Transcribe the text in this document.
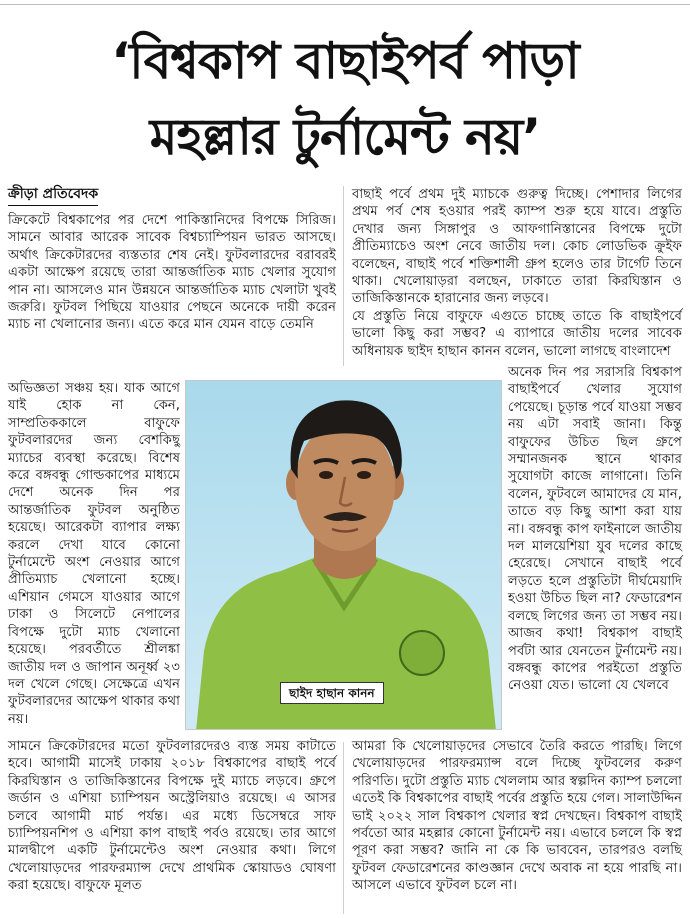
‘বিশ্বকাপ বাছাইপর্ব পাড়া
মহল্লার টুর্নামেন্ট নয়’
ক্রীড়া প্রতিবেদক

ক্রিকেটে বিশ্বকাপের পর দেশে পাকিস্তানিদের বিপক্ষে সিরিজ। সামনে আবার আরেক সাবেক বিশ্বচ্যাম্পিয়ন ভারত আসছে। অর্থাৎ ক্রিকেটারদের ব্যস্ততার শেষ নেই। ফুটবলারদের বরাবরই একটা আক্ষেপ রয়েছে তারা আন্তর্জাতিক ম্যাচ খেলার সুযোগ পান না। আসলেও মান উন্নয়নে আন্তর্জাতিক ম্যাচ খেলাটা খুবই জরুরি। ফুটবল পিছিয়ে যাওয়ার পেছনে অনেকে দায়ী করেন ম্যাচ না খেলানোর জন্য। এতে করে মান যেমন বাড়ে তেমনি

বাছাই পর্বে প্রথম দুই ম্যাচকে গুরুত্ব দিচ্ছে। পেশাদার লিগের প্রথম পর্ব শেষ হওয়ার পরই ক্যাম্প শুরু হয়ে যাবে। প্রস্তুতি দেখার জন্য সিঙ্গাপুর ও আফগানিস্তানের বিপক্ষে দুটো প্রীতিম্যাচেও অংশ নেবে জাতীয় দল। কোচ লোডভিক ক্রুইফ বলেছেন, বাছাই পর্বে শক্তিশালী গ্রুপ হলেও তার টার্গেট তিনে থাকা। খেলোয়াড়রা বলছেন, ঢাকাতে তারা কিরঘিস্তান ও তাজিকিস্তানকে হারানোর জন্য লড়বে।

যে প্রস্তুতি নিয়ে বাফুফে এগুতে চাচ্ছে তাতে কি বাছাইপর্বে ভালো কিছু করা সম্ভব? এ ব্যাপারে জাতীয় দলের সাবেক অধিনায়ক ছাইদ হাছান কানন বলেন, ভালো লাগছে বাংলাদেশ

অভিজ্ঞতা সঞ্চয় হয়। যাক আগে যাই হোক না কেন, সাম্প্রতিককালে বাফুফে ফুটবলারদের জন্য বেশকিছু ম্যাচের ব্যবস্থা করেছে। বিশেষ করে বঙ্গবন্ধু গোল্ডকাপের মাধ্যমে দেশে অনেক দিন পর আন্তর্জাতিক ফুটবল অনুষ্ঠিত হয়েছে। আরেকটা ব্যাপার লক্ষ্য করলে দেখা যাবে কোনো টুর্নামেন্টে অংশ নেওয়ার আগে প্রীতিম্যাচ খেলানো হচ্ছে। এশিয়ান গেমসে যাওয়ার আগে ঢাকা ও সিলেটে নেপালের বিপক্ষে দুটো ম্যাচ খেলানো হয়েছে। পরবর্তীতে শ্রীলঙ্কা জাতীয় দল ও জাপান অনূর্ধ্ব ২৩ দল খেলে গেছে। সেক্ষেত্রে এখন ফুটবলারদের আক্ষেপ থাকার কথা নয়।

ছাইদ হাছান কানন

অনেক দিন পর সরাসরি বিশ্বকাপ বাছাইপর্বে খেলার সুযোগ পেয়েছে। চূড়ান্ত পর্বে যাওয়া সম্ভব নয় এটা সবাই জানা। কিন্তু বাফুফের উচিত ছিল গ্রুপে সম্মানজনক স্থানে থাকার সুযোগটা কাজে লাগানো। তিনি বলেন, ফুটবলে আমাদের যে মান, তাতে বড় কিছু আশা করা যায় না। বঙ্গবন্ধু কাপ ফাইনালে জাতীয় দল মালয়েশিয়া যুব দলের কাছে হেরেছে। সেখানে বাছাই পর্বে লড়তে হলে প্রস্তুতিটা দীর্ঘমেয়াদি হওয়া উচিত ছিল না? ফেডারেশন বলছে লিগের জন্য তা সম্ভব নয়। আজব কথা! বিশ্বকাপ বাছাই পর্বটা আর যেনতেন টুর্নামেন্ট নয়। বঙ্গবন্ধু কাপের পরইতো প্রস্তুতি নেওয়া যেত। ভালো যে খেলবে

সামনে ক্রিকেটারদের মতো ফুটবলারদেরও ব্যস্ত সময় কাটাতে হবে। আগামী মাসেই ঢাকায় ২০১৮ বিশ্বকাপের বাছাই পর্বে কিরঘিস্তান ও তাজিকিস্তানের বিপক্ষে দুই ম্যাচে লড়বে। গ্রুপে জর্ডান ও এশিয়া চ্যাম্পিয়ন অস্ট্রেলিয়াও রয়েছে। এ আসর চলবে আগামী মার্চ পর্যন্ত। এর মধ্যে ডিসেম্বরে সাফ চ্যাম্পিয়নশিপ ও এশিয়া কাপ বাছাই পর্বও রয়েছে। তার আগে মালদ্বীপে একটি টুর্নামেন্টেও অংশ নেওয়ার কথা। লিগে খেলোয়াড়দের পারফরম্যান্স দেখে প্রাথমিক স্কোয়াডও ঘোষণা করা হয়েছে। বাফুফে মূলত

আমরা কি খেলোয়াড়দের সেভাবে তৈরি করতে পারছি। লিগে খেলোয়াড়দের পারফরম্যান্স বলে দিচ্ছে ফুটবলের করুণ পরিণতি। দুটো প্রস্তুতি ম্যাচ খেললাম আর স্বল্পদিন ক্যাম্প চললো এতেই কি বিশ্বকাপের বাছাই পর্বের প্রস্তুতি হয়ে গেল। সালাউদ্দিন ভাই ২০২২ সাল বিশ্বকাপ খেলার স্বপ্ন দেখছেন। বিশ্বকাপ বাছাই পর্বতো আর মহল্লার কোনো টুর্নামেন্ট নয়। এভাবে চললে কি স্বপ্ন পূরণ করা সম্ভব? জানি না কে কি ভাববেন, তারপরও বলছি ফুটবল ফেডারেশনের কাণ্ডজ্ঞান দেখে অবাক না হয়ে পারছি না। আসলে এভাবে ফুটবল চলে না।
